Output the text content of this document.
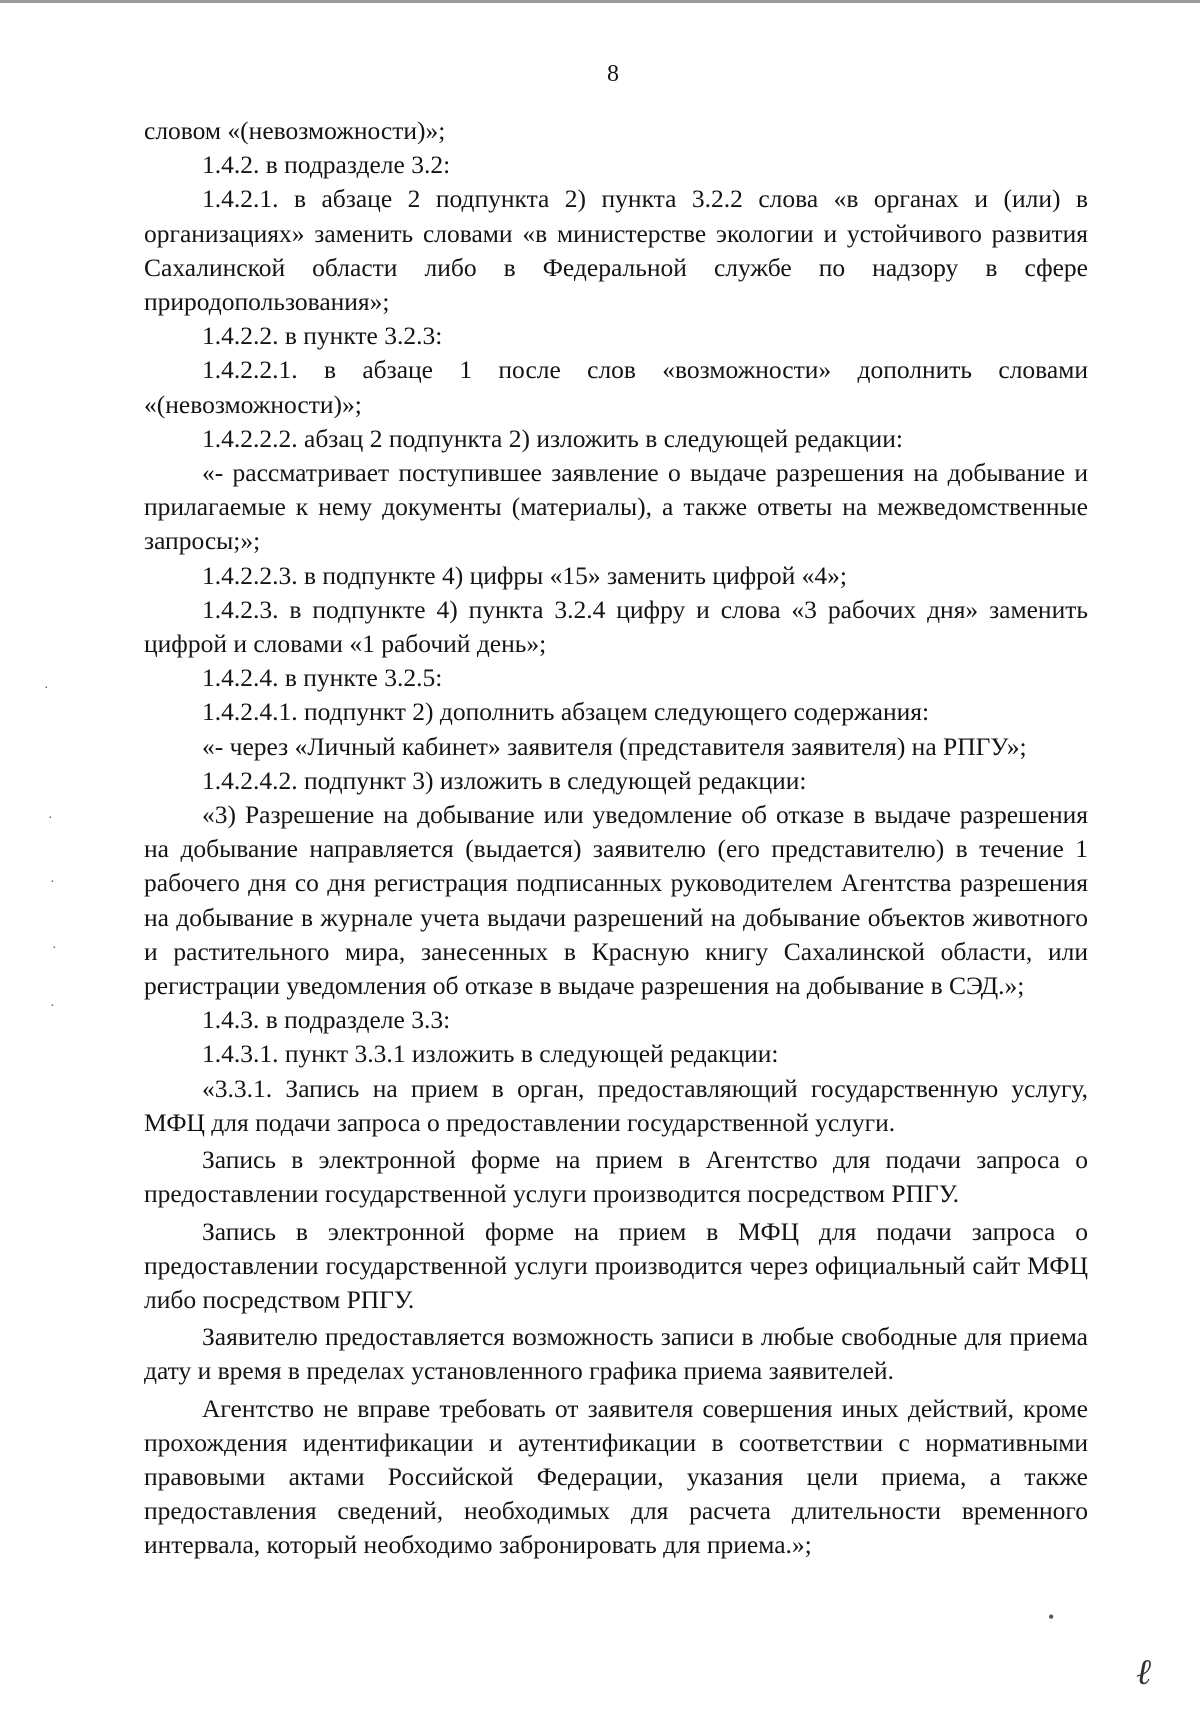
8

словом «(невозможности)»;

1.4.2. в подразделе 3.2:

1.4.2.1. в абзаце 2 подпункта 2) пункта 3.2.2 слова «в органах и (или) в организациях» заменить словами «в министерстве экологии и устойчивого развития Сахалинской области либо в Федеральной службе по надзору в сфере природопользования»;

1.4.2.2. в пункте 3.2.3:

1.4.2.2.1. в абзаце 1 после слов «возможности» дополнить словами «(невозможности)»;

1.4.2.2.2. абзац 2 подпункта 2) изложить в следующей редакции:

«- рассматривает поступившее заявление о выдаче разрешения на добывание и прилагаемые к нему документы (материалы), а также ответы на межведомственные запросы;»;

1.4.2.2.3. в подпункте 4) цифры «15» заменить цифрой «4»;

1.4.2.3. в подпункте 4) пункта 3.2.4 цифру и слова «3 рабочих дня» заменить цифрой и словами «1 рабочий день»;

1.4.2.4. в пункте 3.2.5:

1.4.2.4.1. подпункт 2) дополнить абзацем следующего содержания:

«- через «Личный кабинет» заявителя (представителя заявителя) на РПГУ»;

1.4.2.4.2. подпункт 3) изложить в следующей редакции:

«3) Разрешение на добывание или уведомление об отказе в выдаче разрешения на добывание направляется (выдается) заявителю (его представителю) в течение 1 рабочего дня со дня регистрация подписанных руководителем Агентства разрешения на добывание в журнале учета выдачи разрешений на добывание объектов животного и растительного мира, занесенных в Красную книгу Сахалинской области, или регистрации уведомления об отказе в выдаче разрешения на добывание в СЭД.»;

1.4.3. в подразделе 3.3:

1.4.3.1. пункт 3.3.1 изложить в следующей редакции:

«3.3.1. Запись на прием в орган, предоставляющий государственную услугу, МФЦ для подачи запроса о предоставлении государственной услуги.

Запись в электронной форме на прием в Агентство для подачи запроса о предоставлении государственной услуги производится посредством РПГУ.

Запись в электронной форме на прием в МФЦ для подачи запроса о предоставлении государственной услуги производится через официальный сайт МФЦ либо посредством РПГУ.

Заявителю предоставляется возможность записи в любые свободные для приема дату и время в пределах установленного графика приема заявителей.

Агентство не вправе требовать от заявителя совершения иных действий, кроме прохождения идентификации и аутентификации в соответствии с нормативными правовыми актами Российской Федерации, указания цели приема, а также предоставления сведений, необходимых для расчета длительности временного интервала, который необходимо забронировать для приема.»;

·
·
·
·
·
•
ℓ
